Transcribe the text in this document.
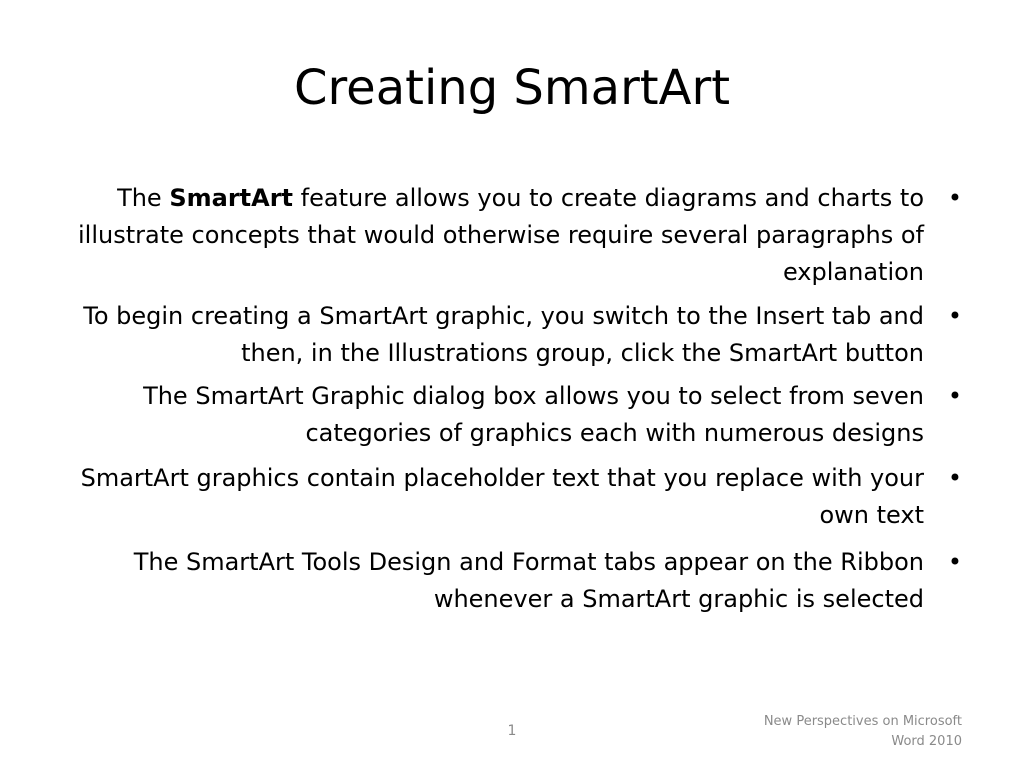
Creating SmartArt
The SmartArt feature allows you to create diagrams and charts to illustrate concepts that would otherwise require several paragraphs of explanation
•
To begin creating a SmartArt graphic, you switch to the Insert tab and then, in the Illustrations group, click the SmartArt button
•
The SmartArt Graphic dialog box allows you to select from seven categories of graphics each with numerous designs
•
SmartArt graphics contain placeholder text that you replace with your own text
•
The SmartArt Tools Design and Format tabs appear on the Ribbon whenever a SmartArt graphic is selected
•
1
New Perspectives on Microsoft
Word 2010
